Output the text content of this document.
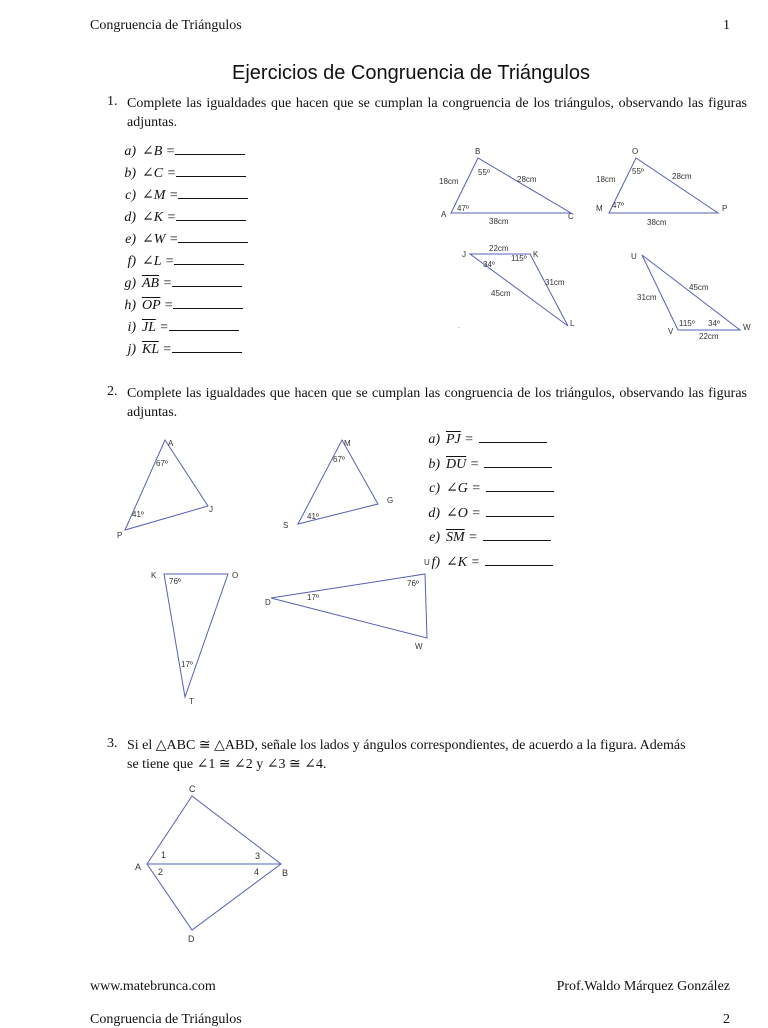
Congruencia de Triángulos	1
Ejercicios de Congruencia de Triángulos
1. Complete las igualdades que hacen que se cumplan la congruencia de los triángulos, observando las figuras adjuntas.
a) ∠B =
b) ∠C =
c) ∠M =
d) ∠K =
e) ∠W =
f) ∠L =
g) $\overline{AB}$ =
h) $\overline{OP}$ =
i) $\overline{JL}$ =
j) $\overline{KL}$ =
B
A	C
18cm	28cm
38cm
55º
47º
O
M	P
18cm	28cm
38cm
55º
47º
J	K
L
22cm
31cm
45cm
34º
115º
.
U
V	W
45cm
31cm
22cm
115º 34º
2. Complete las igualdades que hacen que se cumplan las congruencia de los triángulos, observando las figuras adjuntas.
a) $\overline{PJ}$ =
b) $\overline{DU}$ =
c) ∠G =
d) ∠O =
e) $\overline{SM}$ =
f) ∠K =
A
P
J
67º
41º
M
S
G
67º
41º
K	O
T
76º
17º
D
U
W
17º
76º
3. Si el △ABC ≅ △ABD, señale los lados y ángulos correspondientes, de acuerdo a la figura. Además
se tiene que ∠1 ≅ ∠2 y ∠3 ≅ ∠4.
C
A
B
D
1
2
3
4
www.matebrunca.com	Prof.Waldo Márquez González
Congruencia de Triángulos	2
